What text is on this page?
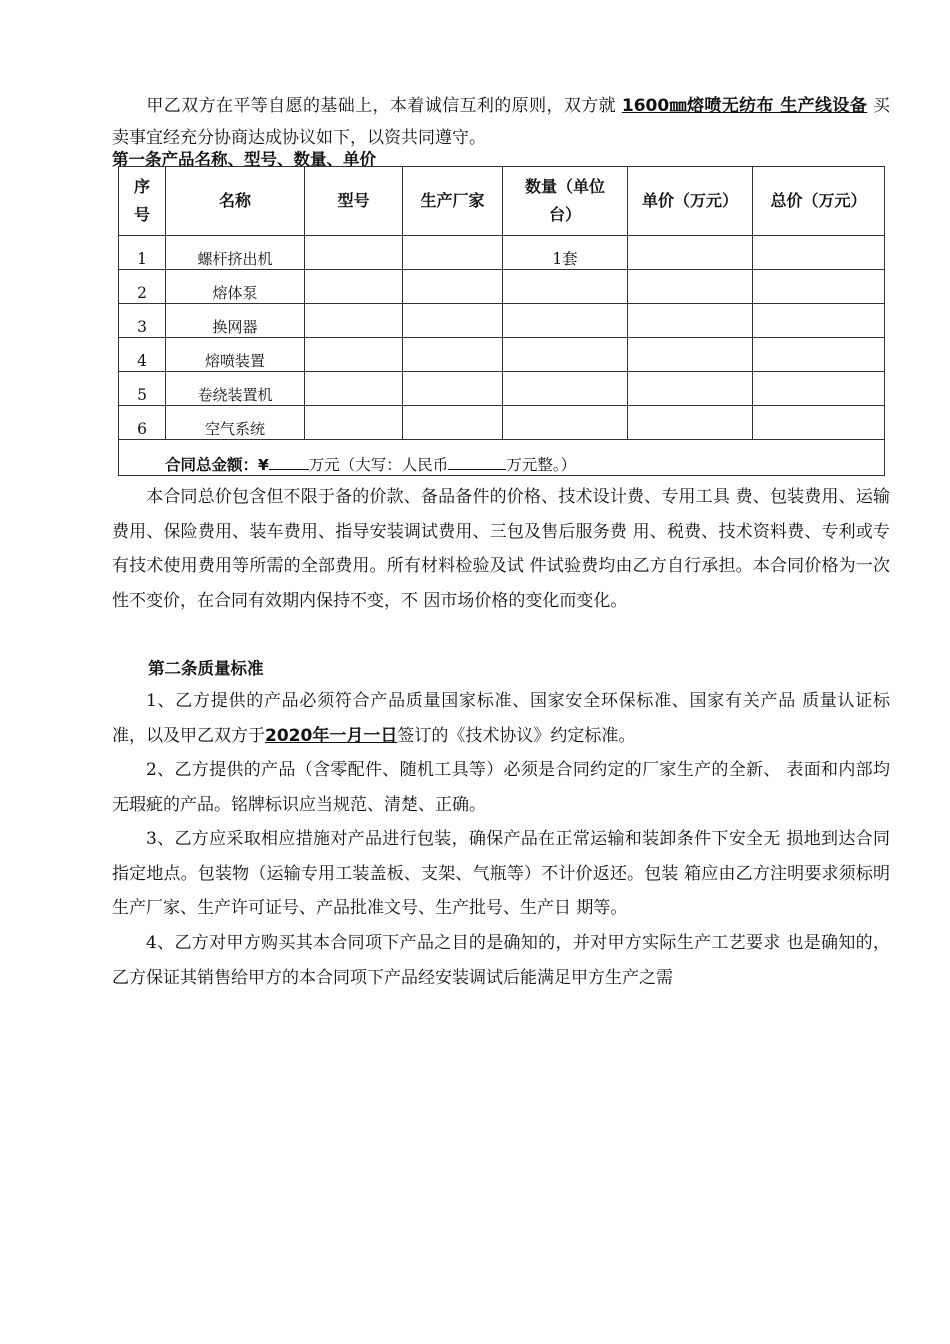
甲乙双方在平等自愿的基础上，本着诚信互利的原则，双方就 1600㎜熔喷无纺布 生产线设备 买卖事宜经充分协商达成协议如下，以资共同遵守。
第一条产品名称、型号、数量、单价
序号	名称	型号	生产厂家	数量（单位台）	单价（万元）	总价（万元）
1	螺杆挤出机			1套		
2	熔体泵					
3	换网器					
4	熔喷装置					
5	卷绕装置机					
6	空气系统					
合同总金额：¥ 万元（大写：人民币 万元整。）						
本合同总价包含但不限于备的价款、备品备件的价格、技术设计费、专用工具 费、包装费用、运输费用、保险费用、装车费用、指导安装调试费用、三包及售后服务费 用、税费、技术资料费、专利或专有技术使用费用等所需的全部费用。所有材料检验及试 件试验费均由乙方自行承担。本合同价格为一次性不变价，在合同有效期内保持不变，不 因市场价格的变化而变化。
第二条质量标准
1、乙方提供的产品必须符合产品质量国家标准、国家安全环保标准、国家有关产品 质量认证标准，以及甲乙双方于2020年一月一日签订的《技术协议》约定标准。
2、乙方提供的产品（含零配件、随机工具等）必须是合同约定的厂家生产的全新、 表面和内部均无瑕疵的产品。铭牌标识应当规范、清楚、正确。
3、乙方应采取相应措施对产品进行包装，确保产品在正常运输和装卸条件下安全无 损地到达合同指定地点。包装物（运输专用工装盖板、支架、气瓶等）不计价返还。包装 箱应由乙方注明要求须标明生产厂家、生产许可证号、产品批准文号、生产批号、生产日 期等。
4、乙方对甲方购买其本合同项下产品之目的是确知的，并对甲方实际生产工艺要求 也是确知的，乙方保证其销售给甲方的本合同项下产品经安装调试后能满足甲方生产之需
